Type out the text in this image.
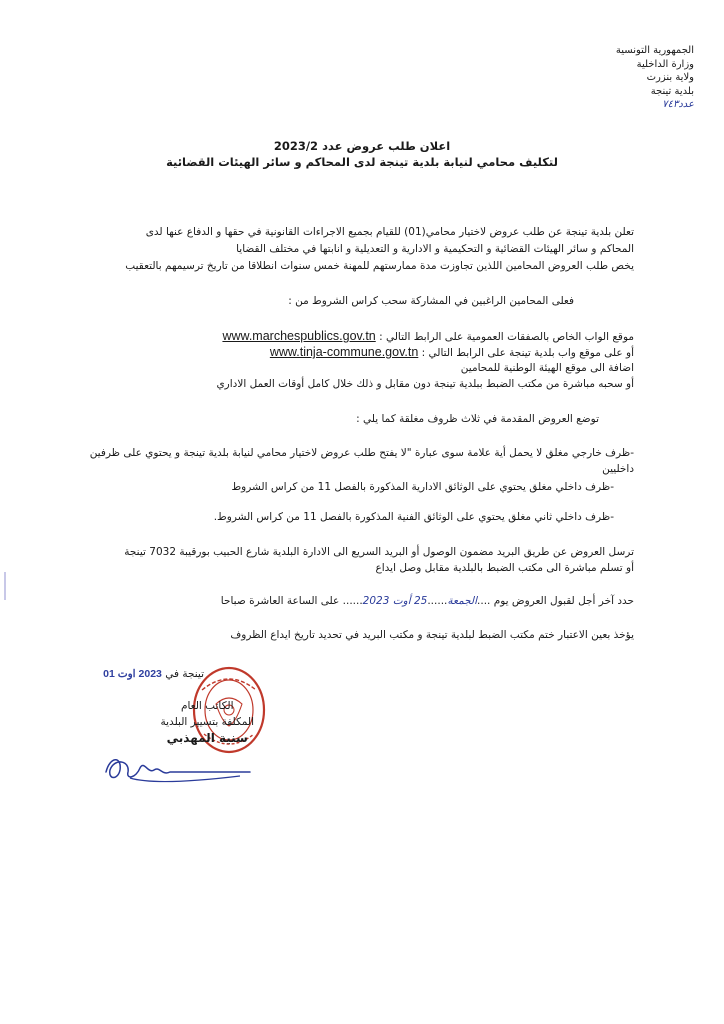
الجمهورية التونسية
وزارة الداخلية
ولاية بنزرت
بلدية تينجة
عدد٧٤٣
اعلان طلب عروض عدد 2023/2
لتكليف محامي لنيابة بلدية تينجة لدى المحاكم و سائر الهيئات القضائية
تعلن بلدية تينجة عن طلب عروض لاختيار محامي(01) للقيام بجميع الاجراءات القانونية في حقها و الدفاع عنها لدى
المحاكم و سائر الهيئات القضائية و التحكيمية و الادارية و التعديلية و انابتها في مختلف القضايا
يخص طلب العروض المحامين اللذين تجاوزت مدة ممارستهم للمهنة خمس سنوات انطلاقا من تاريخ ترسيمهم بالتعقيب
فعلى المحامين الراغبين في المشاركة سحب كراس الشروط من :
موقع الواب الخاص بالصفقات العمومية على الرابط التالي : www.marchespublics.gov.tn
أو على موقع واب بلدية تينجة على الرابط التالي : www.tinja-commune.gov.tn
اضافة الى موقع الهيئة الوطنية للمحامين
أو سحبه مباشرة من مكتب الضبط ببلدية تينجة دون مقابل و ذلك خلال كامل أوقات العمل الاداري
توضع العروض المقدمة في ثلاث ظروف مغلقة كما يلي :
-ظرف خارجي مغلق لا يحمل أية علامة سوى عبارة "لا يفتح طلب عروض لاختيار محامي لنيابة بلدية تينجة و يحتوي على ظرفين
داخليين
-ظرف داخلي مغلق يحتوي على الوثائق الادارية المذكورة بالفصل 11 من كراس الشروط
-ظرف داخلي ثاني مغلق يحتوي على الوثائق الفنية المذكورة بالفصل 11 من كراس الشروط.
ترسل العروض عن طريق البريد مضمون الوصول أو البريد السريع الى الادارة البلدية شارع الحبيب بورقيبة 7032 تينجة
أو تسلم مباشرة الى مكتب الضبط بالبلدية مقابل وصل ايداع
حدد آخر أجل لقبول العروض يوم ....الجمعة......25 أوت 2023...... على الساعة العاشرة صباحا
يؤخذ بعين الاعتبار ختم مكتب الضبط لبلدية تينجة و مكتب البريد في تحديد تاريخ ايداع الظروف
تينجة في 2023 اوت 01
الكاتب العام
المكلفة بتسيير البلدية
سنية المهذبي
